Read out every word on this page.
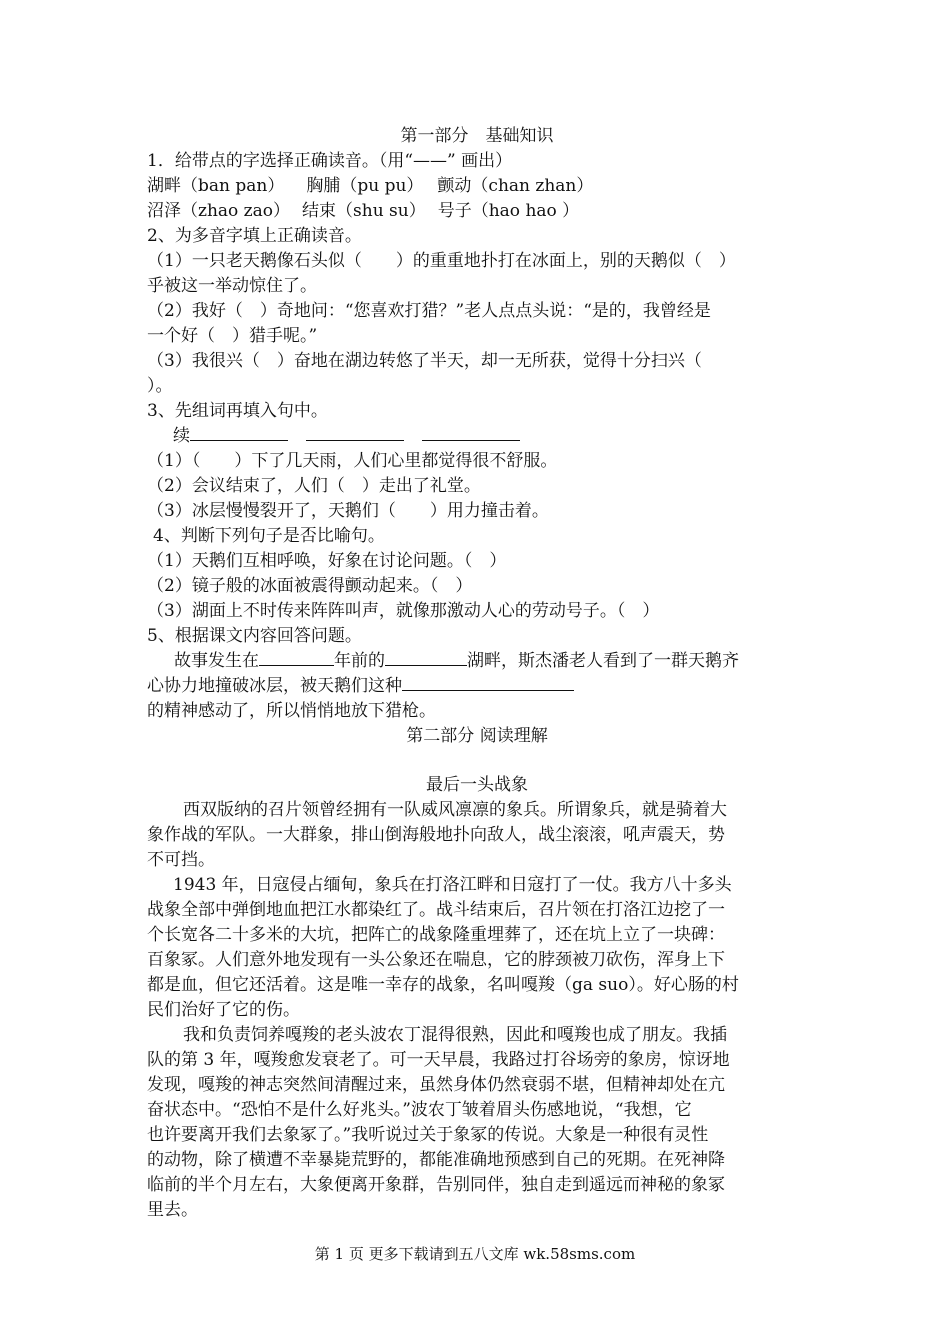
第一部分　基础知识
1．给带点的字选择正确读音。（用“——” 画出）
湖畔（ban pan） 胸脯（pu pu） 颤动（chan zhan）
沼泽（zhao zao） 结束（shu su） 号子（hao hao ）
2、为多音字填上正确读音。
（1）一只老天鹅像石头似（　　）的重重地扑打在冰面上，别的天鹅似（　）
乎被这一举动惊住了。
（2）我好（　）奇地问：“您喜欢打猎？”老人点点头说：“是的，我曾经是
一个好（　）猎手呢。”
（3）我很兴（　）奋地在湖边转悠了半天，却一无所获，觉得十分扫兴（
）。
3、先组词再填入句中。
续
（1）（　　）下了几天雨，人们心里都觉得很不舒服。
（2）会议结束了，人们（　）走出了礼堂。
（3）冰层慢慢裂开了，天鹅们（　　）用力撞击着。
4、判断下列句子是否比喻句。
（1）天鹅们互相呼唤，好象在讨论问题。（　）
（2）镜子般的冰面被震得颤动起来。（　）
（3）湖面上不时传来阵阵叫声，就像那激动人心的劳动号子。（　）
5、根据课文内容回答问题。
故事发生在	年前的	湖畔，斯杰潘老人看到了一群天鹅齐
心协力地撞破冰层，被天鹅们这种
的精神感动了，所以悄悄地放下猎枪。
第二部分 阅读理解
最后一头战象
西双版纳的召片领曾经拥有一队威风凛凛的象兵。所谓象兵，就是骑着大
象作战的军队。一大群象，排山倒海般地扑向敌人，战尘滚滚，吼声震天，势
不可挡。
1943 年，日寇侵占缅甸，象兵在打洛江畔和日寇打了一仗。我方八十多头
战象全部中弹倒地血把江水都染红了。战斗结束后，召片领在打洛江边挖了一
个长宽各二十多米的大坑，把阵亡的战象隆重埋葬了，还在坑上立了一块碑：
百象冢。人们意外地发现有一头公象还在喘息，它的脖颈被刀砍伤，浑身上下
都是血，但它还活着。这是唯一幸存的战象，名叫嘎羧（ga suo）。好心肠的村
民们治好了它的伤。
我和负责饲养嘎羧的老头波农丁混得很熟，因此和嘎羧也成了朋友。我插
队的第 3 年，嘎羧愈发衰老了。可一天早晨，我路过打谷场旁的象房，惊讶地
发现，嘎羧的神志突然间清醒过来，虽然身体仍然衰弱不堪，但精神却处在亢
奋状态中。“恐怕不是什么好兆头。”波农丁皱着眉头伤感地说，“我想，它
也许要离开我们去象冢了。”我听说过关于象冢的传说。大象是一种很有灵性
的动物，除了横遭不幸暴毙荒野的，都能准确地预感到自己的死期。在死神降
临前的半个月左右，大象便离开象群，告别同伴，独自走到遥远而神秘的象冢
里去。
第 1 页 更多下载请到五八文库 wk.58sms.com
